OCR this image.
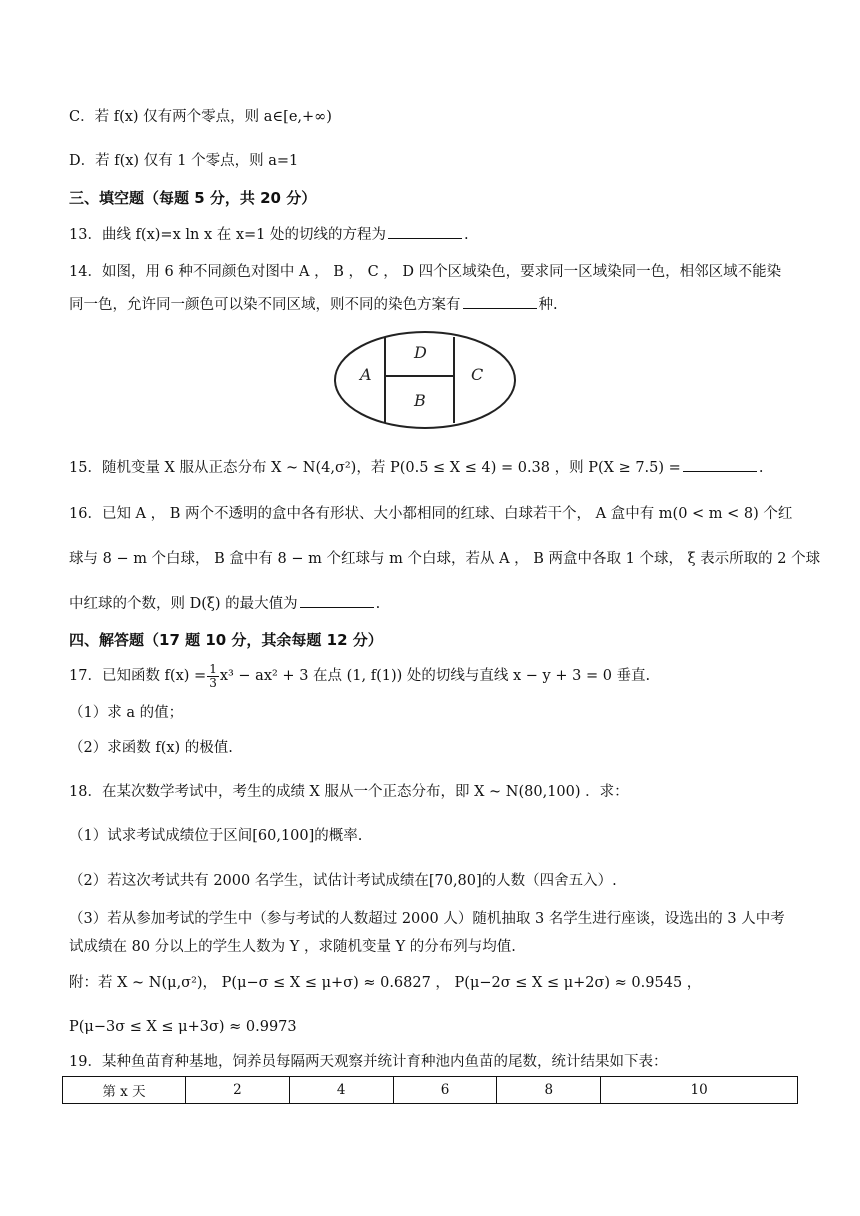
C．若 f(x) 仅有两个零点，则 a∈[e,+∞)
D．若 f(x) 仅有 1 个零点，则 a=1
三、填空题（每题 5 分，共 20 分）
13．曲线 f(x)=x ln x 在 x=1 处的切线的方程为	.
14．如图，用 6 种不同颜色对图中 A ， B ， C ， D 四个区域染色，要求同一区域染同一色，相邻区域不能染
同一色，允许同一颜色可以染不同区域，则不同的染色方案有	种.
A
D
B
C
15．随机变量 X 服从正态分布 X ~ N(4,σ²)，若 P(0.5 ≤ X ≤ 4) = 0.38 ，则 P(X ≥ 7.5) =	.
16．已知 A ， B 两个不透明的盒中各有形状、大小都相同的红球、白球若干个， A 盒中有 m(0 < m < 8) 个红
球与 8 − m 个白球， B 盒中有 8 − m 个红球与 m 个白球，若从 A ， B 两盒中各取 1 个球， ξ 表示所取的 2 个球
中红球的个数，则 D(ξ) 的最大值为	.
四、解答题（17 题 10 分，其余每题 12 分）
17．已知函数 $f(x) = \frac{1}{3} x^3 - ax^2 + 3$ 在点 (1, f(1)) 处的切线与直线 x − y + 3 = 0 垂直.
（1）求 a 的值；
（2）求函数 f(x) 的极值.
18．在某次数学考试中，考生的成绩 X 服从一个正态分布，即 X ~ N(80,100) ．求：
（1）试求考试成绩位于区间[60,100]的概率.
（2）若这次考试共有 2000 名学生，试估计考试成绩在[70,80]的人数（四舍五入）.
（3）若从参加考试的学生中（参与考试的人数超过 2000 人）随机抽取 3 名学生进行座谈，设选出的 3 人中考
试成绩在 80 分以上的学生人数为 Y ，求随机变量 Y 的分布列与均值.
附：若 X ~ N(μ,σ²)， P(μ−σ ≤ X ≤ μ+σ) ≈ 0.6827 ， P(μ−2σ ≤ X ≤ μ+2σ) ≈ 0.9545 ，
P(μ−3σ ≤ X ≤ μ+3σ) ≈ 0.9973
19．某种鱼苗育种基地，饲养员每隔两天观察并统计育种池内鱼苗的尾数，统计结果如下表：
第 x 天	2	4	6	8	10
